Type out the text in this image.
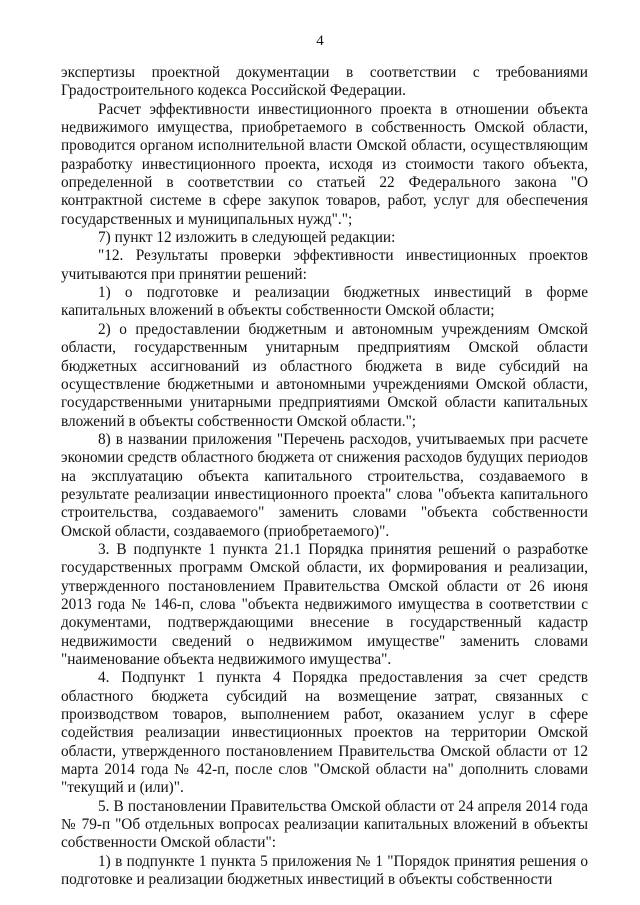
4

экспертизы проектной документации в соответствии с требованиями Градостроительного кодекса Российской Федерации.

Расчет эффективности инвестиционного проекта в отношении объекта недвижимого имущества, приобретаемого в собственность Омской области, проводится органом исполнительной власти Омской области, осуществляющим разработку инвестиционного проекта, исходя из стоимости такого объекта, определенной в соответствии со статьей 22 Федерального закона "О контрактной системе в сфере закупок товаров, работ, услуг для обеспечения государственных и муниципальных нужд".";

7) пункт 12 изложить в следующей редакции:

"12. Результаты проверки эффективности инвестиционных проектов учитываются при принятии решений:

1) о подготовке и реализации бюджетных инвестиций в форме капитальных вложений в объекты собственности Омской области;

2) о предоставлении бюджетным и автономным учреждениям Омской области, государственным унитарным предприятиям Омской области бюджетных ассигнований из областного бюджета в виде субсидий на осуществление бюджетными и автономными учреждениями Омской области, государственными унитарными предприятиями Омской области капитальных вложений в объекты собственности Омской области.";

8) в названии приложения "Перечень расходов, учитываемых при расчете экономии средств областного бюджета от снижения расходов будущих периодов на эксплуатацию объекта капитального строительства, создаваемого в результате реализации инвестиционного проекта" слова "объекта капитального строительства, создаваемого" заменить словами "объекта собственности Омской области, создаваемого (приобретаемого)".

3. В подпункте 1 пункта 21.1 Порядка принятия решений о разработке государственных программ Омской области, их формирования и реализации, утвержденного постановлением Правительства Омской области от 26 июня 2013 года № 146-п, слова "объекта недвижимого имущества в соответствии с документами, подтверждающими внесение в государственный кадастр недвижимости сведений о недвижимом имуществе" заменить словами "наименование объекта недвижимого имущества".

4. Подпункт 1 пункта 4 Порядка предоставления за счет средств областного бюджета субсидий на возмещение затрат, связанных с производством товаров, выполнением работ, оказанием услуг в сфере содействия реализации инвестиционных проектов на территории Омской области, утвержденного постановлением Правительства Омской области от 12 марта 2014 года № 42-п, после слов "Омской области на" дополнить словами "текущий и (или)".

5. В постановлении Правительства Омской области от 24 апреля 2014 года № 79-п "Об отдельных вопросах реализации капитальных вложений в объекты собственности Омской области":

1) в подпункте 1 пункта 5 приложения № 1 "Порядок принятия решения о подготовке и реализации бюджетных инвестиций в объекты собственности
